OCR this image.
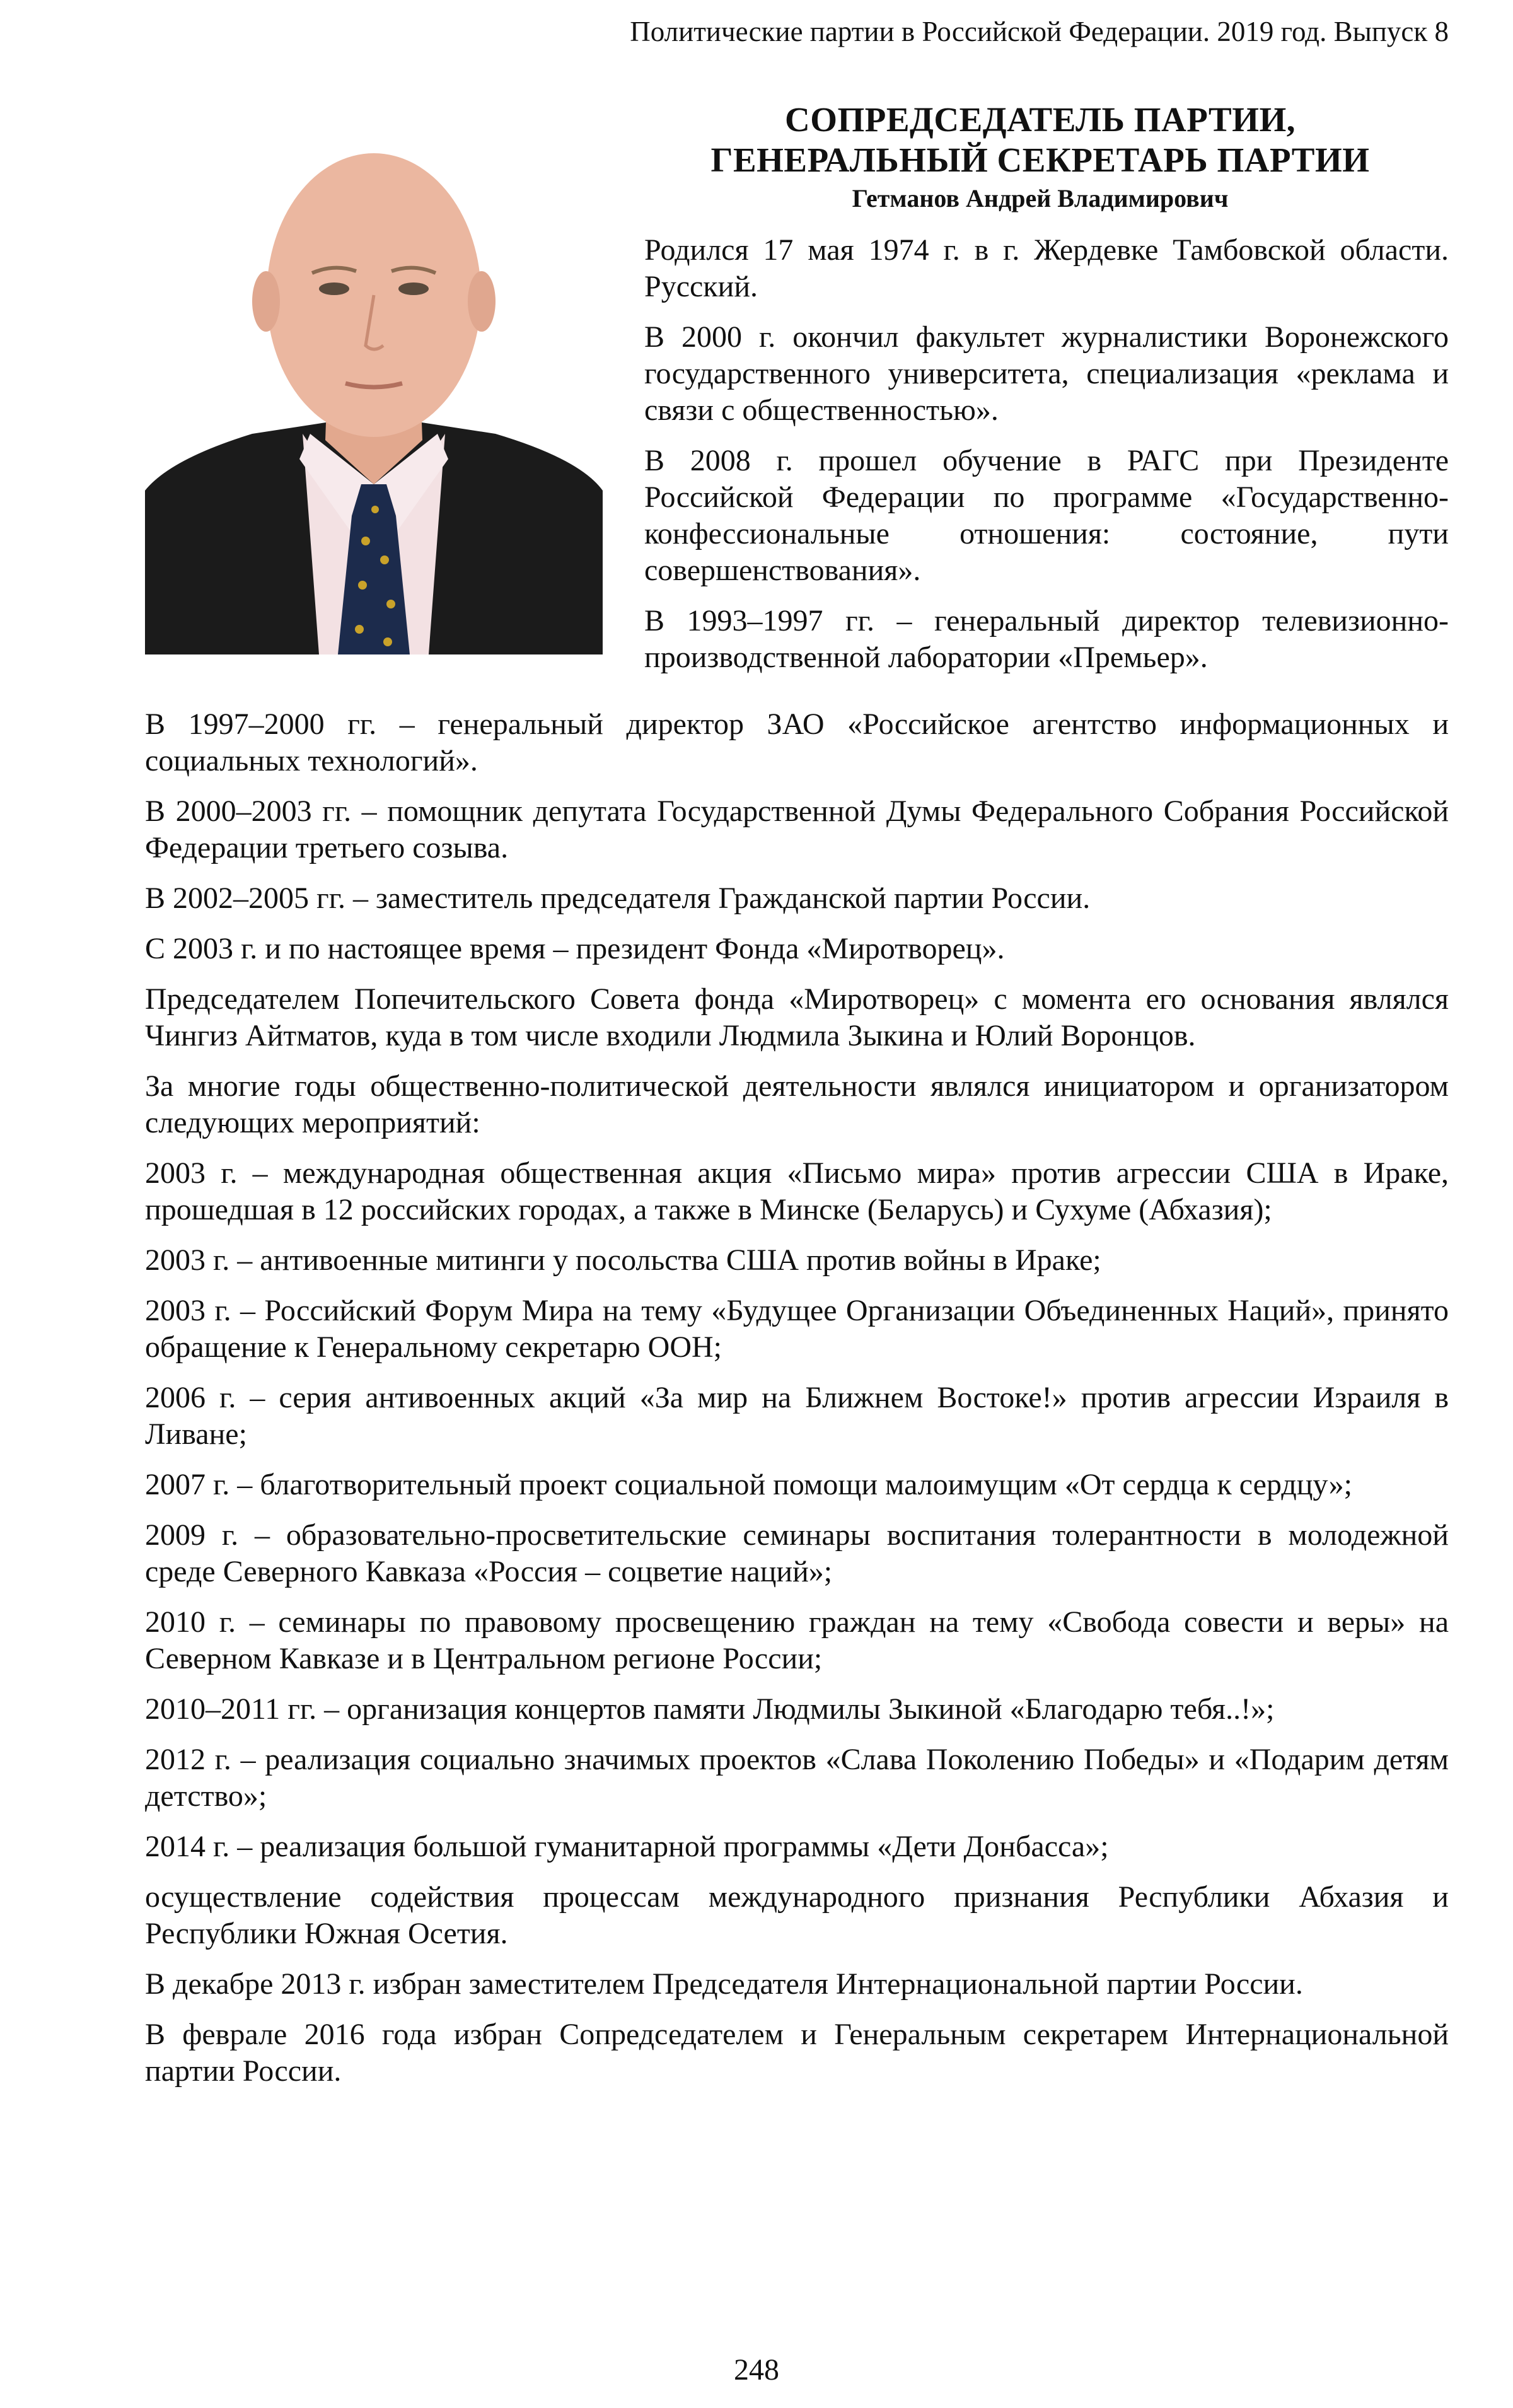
Политические партии в Российской Федерации. 2019 год. Выпуск 8
СОПРЕДСЕДАТЕЛЬ ПАРТИИ,
ГЕНЕРАЛЬНЫЙ СЕКРЕТАРЬ ПАРТИИ
Гетманов Андрей Владимирович

Родился 17 мая 1974 г. в г. Жердевке Тамбовской области. Русский.

В 2000 г. окончил факультет журналистики Воронежского государственного университета, специализация «реклама и связи с общественностью».

В 2008 г. прошел обучение в РАГС при Президенте Российской Федерации по программе «Государственно-конфессиональные отношения: состояние, пути совершенствования».

В 1993–1997 гг. – генеральный директор телевизионно-производственной лаборатории «Премьер».

В 1997–2000 гг. – генеральный директор ЗАО «Российское агентство информационных и социальных технологий».

В 2000–2003 гг. – помощник депутата Государственной Думы Федерального Собрания Российской Федерации третьего созыва.

В 2002–2005 гг. – заместитель председателя Гражданской партии России.

С 2003 г. и по настоящее время – президент Фонда «Миротворец».

Председателем Попечительского Совета фонда «Миротворец» с момента его основания являлся Чингиз Айтматов, куда в том числе входили Людмила Зыкина и Юлий Воронцов.

За многие годы общественно-политической деятельности являлся инициатором и организатором следующих мероприятий:

2003 г. – международная общественная акция «Письмо мира» против агрессии США в Ираке, прошедшая в 12 российских городах, а также в Минске (Беларусь) и Сухуме (Абхазия);

2003 г. – антивоенные митинги у посольства США против войны в Ираке;

2003 г. – Российский Форум Мира на тему «Будущее Организации Объединенных Наций», принято обращение к Генеральному секретарю ООН;

2006 г. – серия антивоенных акций «За мир на Ближнем Востоке!» против агрессии Израиля в Ливане;

2007 г. – благотворительный проект социальной помощи малоимущим «От сердца к сердцу»;

2009 г. – образовательно-просветительские семинары воспитания толерантности в молодежной среде Северного Кавказа «Россия – соцветие наций»;

2010 г. – семинары по правовому просвещению граждан на тему «Свобода совести и веры» на Северном Кавказе и в Центральном регионе России;

2010–2011 гг. – организация концертов памяти Людмилы Зыкиной «Благодарю тебя..!»;

2012 г. – реализация социально значимых проектов «Слава Поколению Победы» и «Подарим детям детство»;

2014 г. – реализация большой гуманитарной программы «Дети Донбасса»;

осуществление содействия процессам международного признания Республики Абхазия и Республики Южная Осетия.

В декабре 2013 г. избран заместителем Председателя Интернациональной партии России.

В феврале 2016 года избран Сопредседателем и Генеральным секретарем Интернациональной партии России.

248
